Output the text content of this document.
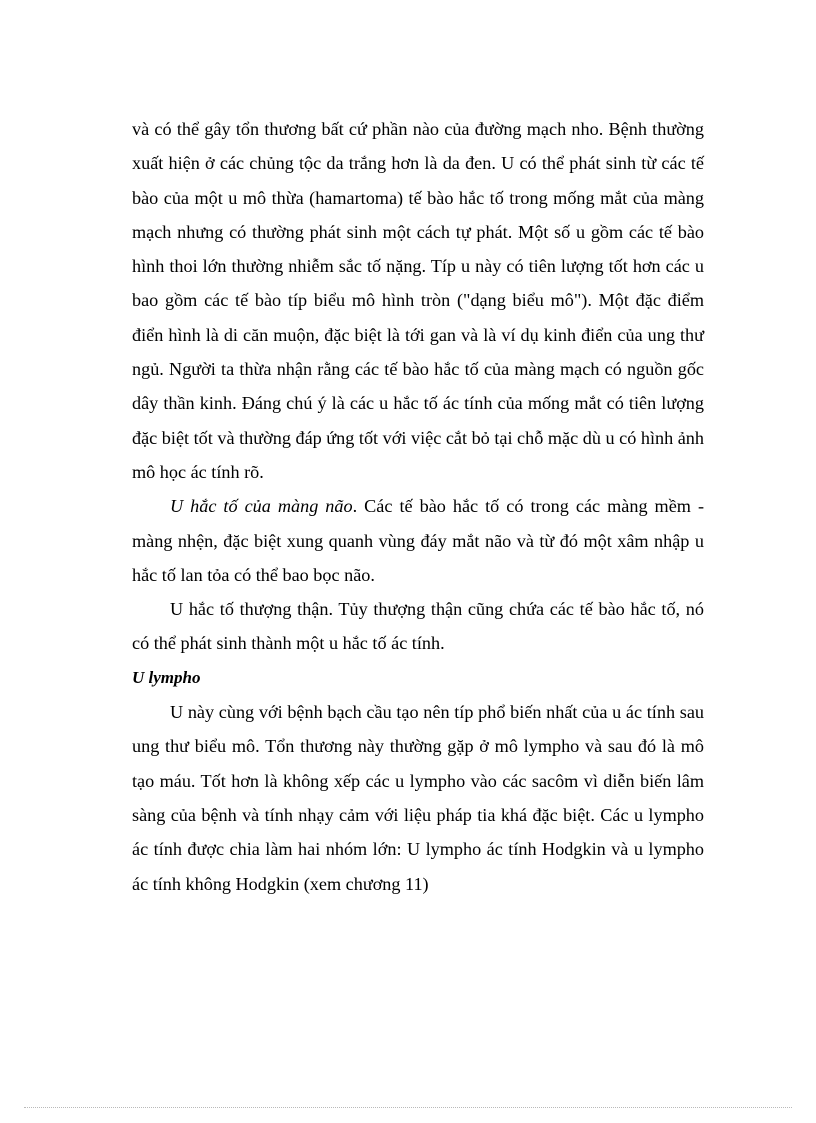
và có thể gây tổn thương bất cứ phần nào của đường mạch nho. Bệnh thường xuất hiện ở các chủng tộc da trắng hơn là da đen. U có thể phát sinh từ các tế bào của một u mô thừa (hamartoma) tế bào hắc tố trong mống mắt của màng mạch nhưng có thường phát sinh một cách tự phát. Một số u gồm các tế bào hình thoi lớn thường nhiễm sắc tố nặng. Típ u này có tiên lượng tốt hơn các u bao gồm các tế bào típ biểu mô hình tròn ("dạng biểu mô"). Một đặc điểm điển hình là di căn muộn, đặc biệt là tới gan và là ví dụ kinh điển của ung thư ngủ. Người ta thừa nhận rằng các tế bào hắc tố của màng mạch có nguồn gốc dây thần kinh. Đáng chú ý là các u hắc tố ác tính của mống mắt có tiên lượng đặc biệt tốt và thường đáp ứng tốt với việc cắt bỏ tại chỗ mặc dù u có hình ảnh mô học ác tính rõ.

U hắc tố của màng não. Các tế bào hắc tố có trong các màng mềm - màng nhện, đặc biệt xung quanh vùng đáy mắt não và từ đó một xâm nhập u hắc tố lan tỏa có thể bao bọc não.

U hắc tố thượng thận. Tủy thượng thận cũng chứa các tế bào hắc tố, nó có thể phát sinh thành một u hắc tố ác tính.

U lympho

U này cùng với bệnh bạch cầu tạo nên típ phổ biến nhất của u ác tính sau ung thư biểu mô. Tổn thương này thường gặp ở mô lympho và sau đó là mô tạo máu. Tốt hơn là không xếp các u lympho vào các sacôm vì diễn biến lâm sàng của bệnh và tính nhạy cảm với liệu pháp tia khá đặc biệt. Các u lympho ác tính được chia làm hai nhóm lớn: U lympho ác tính Hodgkin và u lympho ác tính không Hodgkin (xem chương 11)
